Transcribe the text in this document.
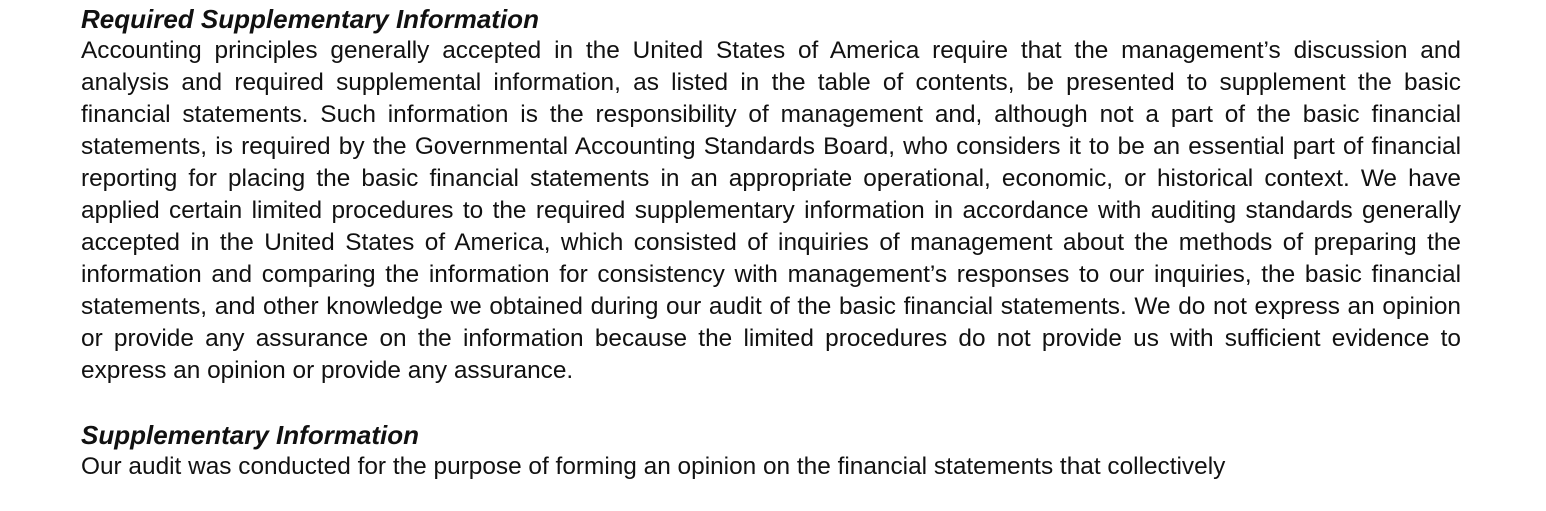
Required Supplementary Information

Accounting principles generally accepted in the United States of America require that the management’s discussion and analysis and required supplemental information, as listed in the table of contents, be presented to supplement the basic financial statements. Such information is the responsibility of management and, although not a part of the basic financial statements, is required by the Governmental Accounting Standards Board, who considers it to be an essential part of financial reporting for placing the basic financial statements in an appropriate operational, economic, or historical context. We have applied certain limited procedures to the required supplementary information in accordance with auditing standards generally accepted in the United States of America, which consisted of inquiries of management about the methods of preparing the information and comparing the information for consistency with management’s responses to our inquiries, the basic financial statements, and other knowledge we obtained during our audit of the basic financial statements. We do not express an opinion or provide any assurance on the information because the limited procedures do not provide us with sufficient evidence to express an opinion or provide any assurance.

Supplementary Information

Our audit was conducted for the purpose of forming an opinion on the financial statements that collectively
